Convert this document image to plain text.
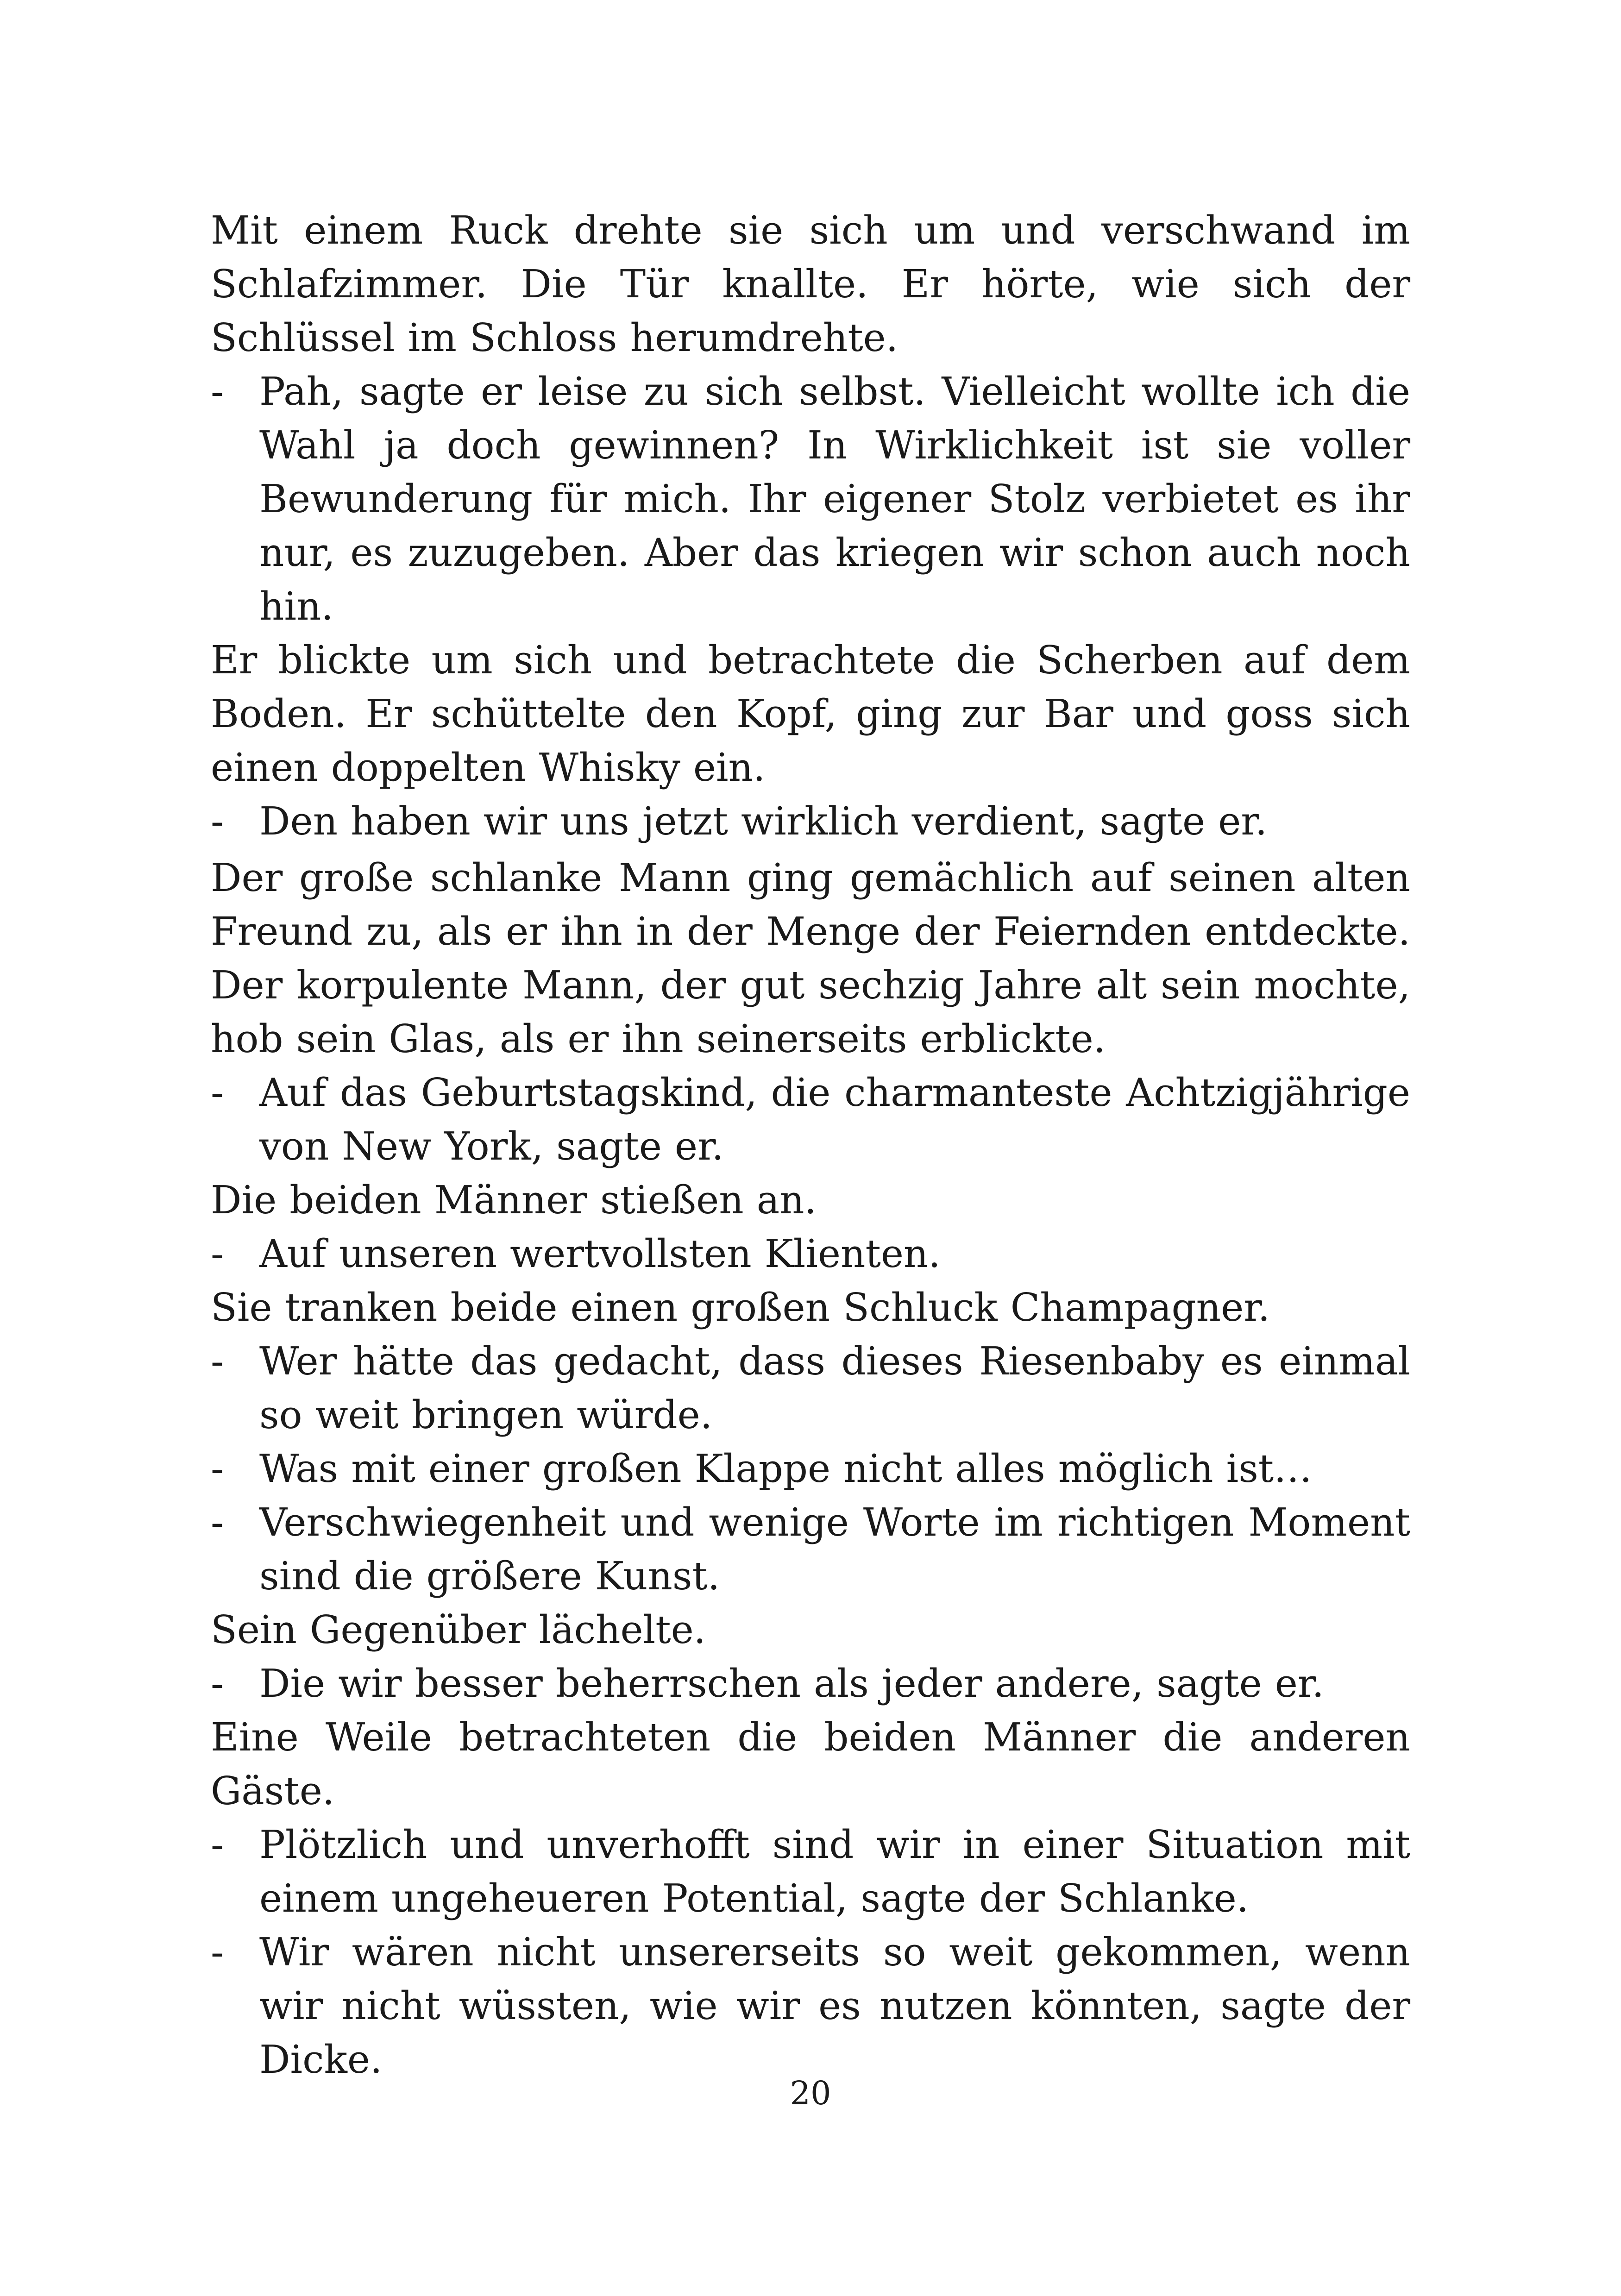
Mit einem Ruck drehte sie sich um und verschwand im Schlafzimmer. Die Tür knallte. Er hörte, wie sich der Schlüssel im Schloss herumdrehte.

- Pah, sagte er leise zu sich selbst. Vielleicht wollte ich die Wahl ja doch gewinnen? In Wirklichkeit ist sie voller Bewunderung für mich. Ihr eigener Stolz verbietet es ihr nur, es zuzugeben. Aber das kriegen wir schon auch noch hin.

Er blickte um sich und betrachtete die Scherben auf dem Boden. Er schüttelte den Kopf, ging zur Bar und goss sich einen doppelten Whisky ein.

- Den haben wir uns jetzt wirklich verdient, sagte er.

Der große schlanke Mann ging gemächlich auf seinen alten Freund zu, als er ihn in der Menge der Feiernden entdeckte. Der korpulente Mann, der gut sechzig Jahre alt sein mochte, hob sein Glas, als er ihn seinerseits erblickte.

- Auf das Geburtstagskind, die charmanteste Achtzigjährige von New York, sagte er.

Die beiden Männer stießen an.

- Auf unseren wertvollsten Klienten.

Sie tranken beide einen großen Schluck Champagner.

- Wer hätte das gedacht, dass dieses Riesenbaby es einmal so weit bringen würde.

- Was mit einer großen Klappe nicht alles möglich ist…

- Verschwiegenheit und wenige Worte im richtigen Moment sind die größere Kunst.

Sein Gegenüber lächelte.

- Die wir besser beherrschen als jeder andere, sagte er.

Eine Weile betrachteten die beiden Männer die anderen Gäste.

- Plötzlich und unverhofft sind wir in einer Situation mit einem ungeheueren Potential, sagte der Schlanke.

- Wir wären nicht unsererseits so weit gekommen, wenn wir nicht wüssten, wie wir es nutzen könnten, sagte der Dicke.

20
